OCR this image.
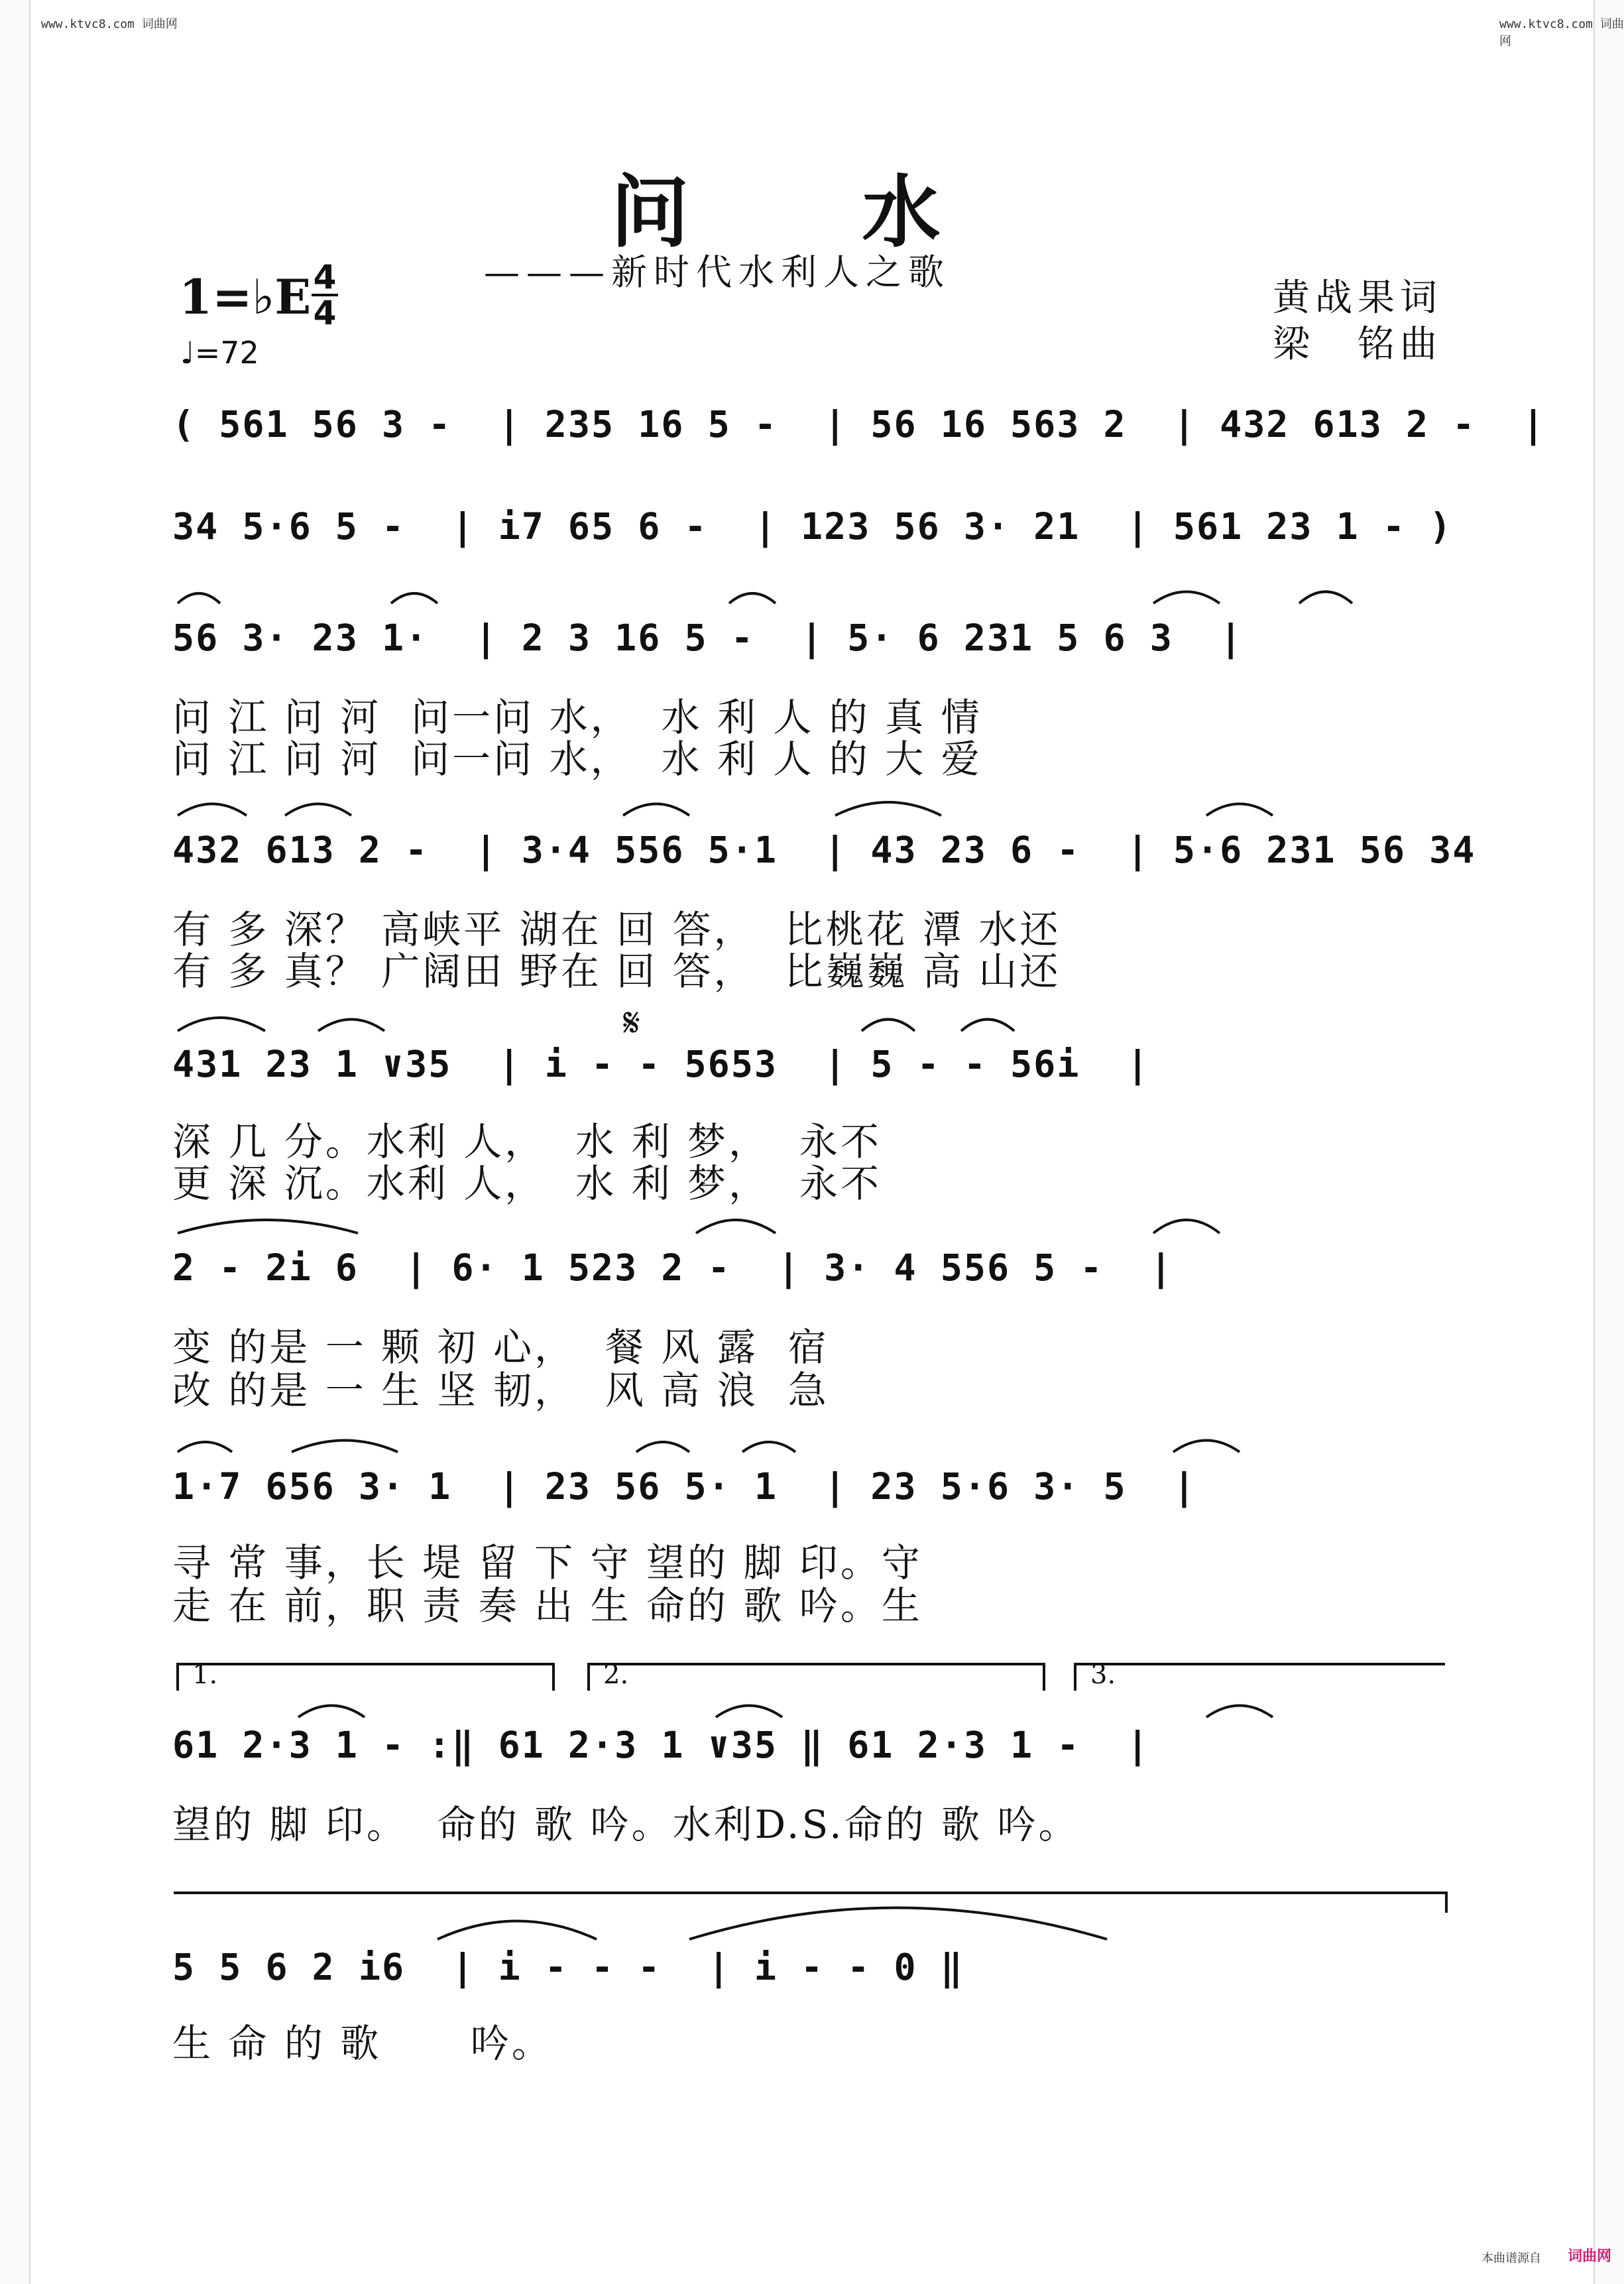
www.ktvc8.com 词曲网	www.ktvc8.com 词曲网
问 水
———新时代水利人之歌
黄战果词
梁　铭曲
1=♭E 4
4
♩=72
( 561 56 3 -  | 235 16 5 -  | 56 16 563 2  | 432 613 2 -  |
34 5·6 5 -  | i7 65 6 -  | 123 56 3· 21  | 561 23 1 - )
56 3· 23 1·  | 2 3 16 5 -  | 5· 6 231 5 6 3  |
问 江 问 河  问一问 水，  水 利 人 的 真 情
问 江 问 河  问一问 水，  水 利 人 的 大 爱
432 613 2 -  | 3·4 556 5·1  | 43 23 6 -  | 5·6 231 56 34
有 多 深？ 高峡平 湖在 回 答，  比桃花 潭 水还
有 多 真？ 广阔田 野在 回 答，  比巍巍 高 山还
𝄋
431 23 1 ∨35  | i - - 5653  | 5 - - 56i  |
深 几 分。水利 人，  水 利 梦，  永不
更 深 沉。水利 人，  水 利 梦，  永不
2 - 2i 6  | 6· 1 523 2 -  | 3· 4 556 5 -  |
变 的是 一 颗 初 心，  餐 风 露  宿
改 的是 一 生 坚 韧，  风 高 浪  急
1·7 656 3· 1  | 23 56 5· 1  | 23 5·6 3· 5  |
寻 常 事，长 堤 留 下 守 望的 脚 印。守
走 在 前，职 责 奏 出 生 命的 歌 吟。生
1.	2.	3.
61 2·3 1 - :‖ 61 2·3 1 ∨35 ‖ 61 2·3 1 -  |
望的 脚 印。  命的 歌 吟。水利D.S.命的 歌 吟。
5 5 6 2 i6  | i - - -  | i - - 0 ‖
生 命 的 歌      吟。
本曲谱源自 词曲网
